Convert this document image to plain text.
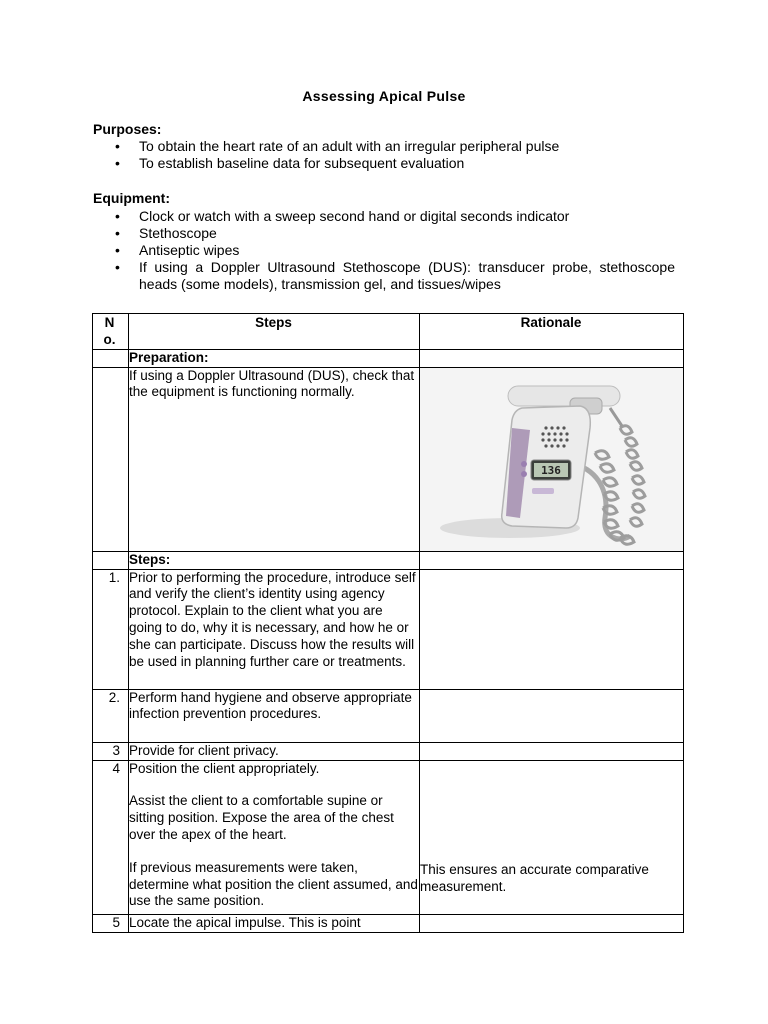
Assessing Apical Pulse
Purposes:
• To obtain the heart rate of an adult with an irregular peripheral pulse
• To establish baseline data for subsequent evaluation
Equipment:
• Clock or watch with a sweep second hand or digital seconds indicator
• Stethoscope
• Antiseptic wipes
• If using a Doppler Ultrasound Stethoscope (DUS): transducer probe, stethoscope heads (some models), transmission gel, and tissues/wipes
No.	Steps	Rationale
	Preparation:	
	If using a Doppler Ultrasound (DUS), check that the equipment is functioning normally.	136

	Steps:	
1.	Prior to performing the procedure, introduce self and verify the client’s identity using agency protocol. Explain to the client what you are going to do, why it is necessary, and how he or she can participate. Discuss how the results will be used in planning further care or treatments.	
2.	Perform hand hygiene and observe appropriate infection prevention procedures.	
3	Provide for client privacy.	
4	Position the client appropriately.
Assist the client to a comfortable supine or sitting position. Expose the area of the chest over the apex of the heart.
If previous measurements were taken, determine what position the client assumed, and use the same position.	This ensures an accurate comparative measurement.
5	Locate the apical impulse. This is point	
